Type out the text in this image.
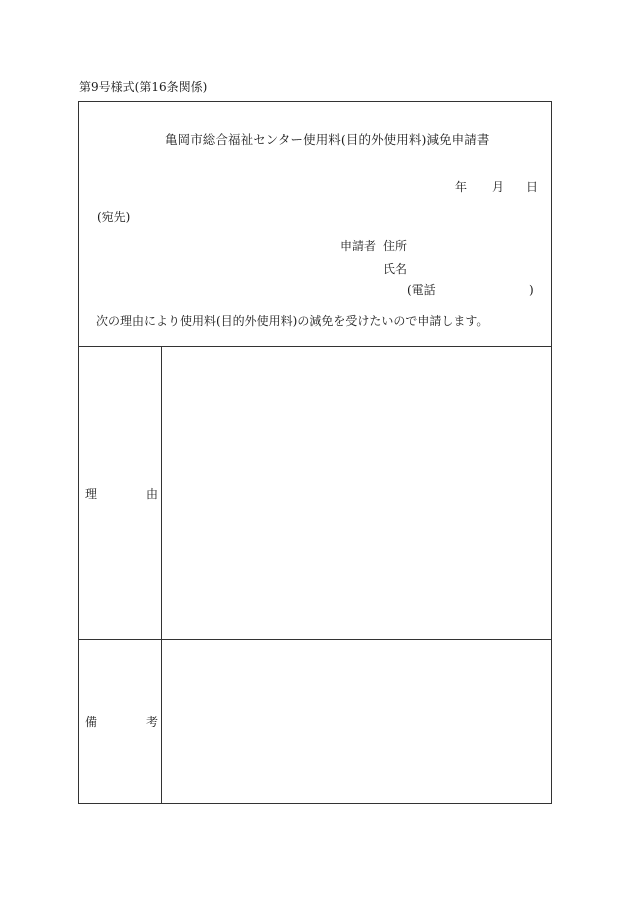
第9号様式(第16条関係)
亀岡市総合福祉センター使用料(目的外使用料)減免申請書
年 月 日
(宛先)
申請者 住所
氏名
(電話	)
次の理由により使用料(目的外使用料)の減免を受けたいので申請します。
理	由
備	考
